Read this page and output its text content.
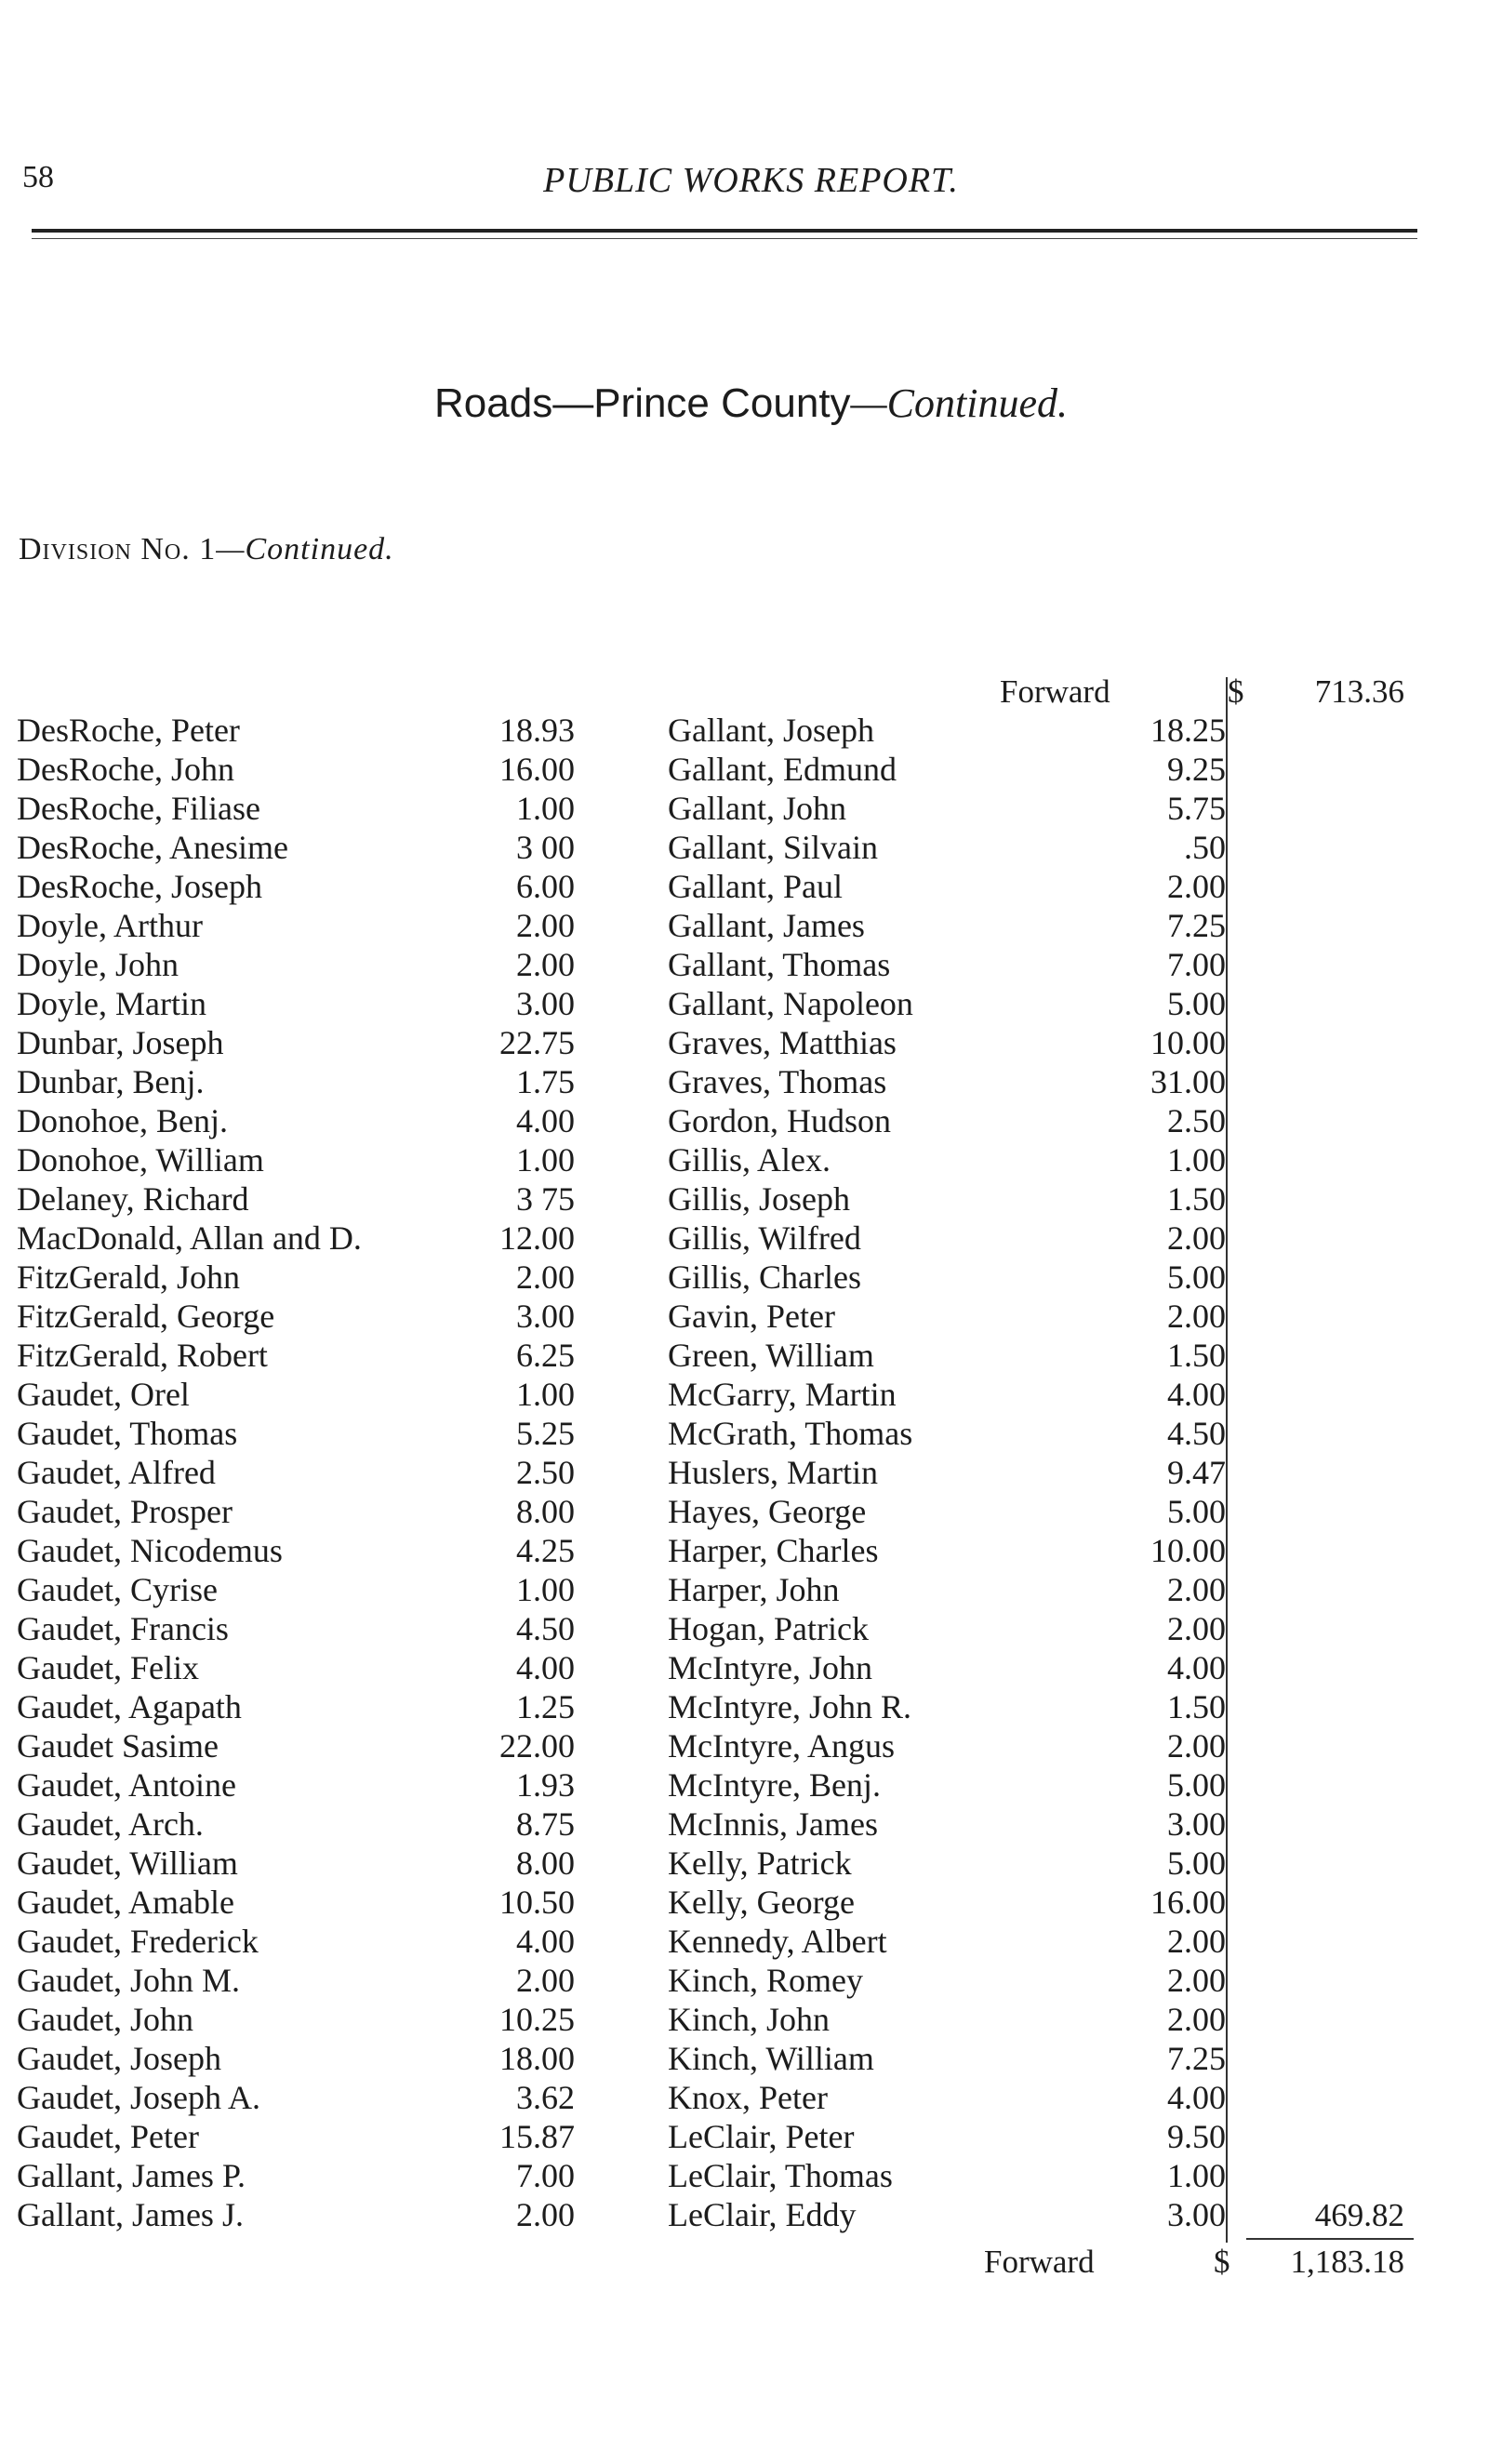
58	PUBLIC WORKS REPORT.
Roads—Prince County—Continued.
Division No. 1—Continued.
Forward	$	713.36
DesRoche, Peter	18.93
DesRoche, John	16.00
DesRoche, Filiase	1.00
DesRoche, Anesime	3 00
DesRoche, Joseph	6.00
Doyle, Arthur	2.00
Doyle, John	2.00
Doyle, Martin	3.00
Dunbar, Joseph	22.75
Dunbar, Benj.	1.75
Donohoe, Benj.	4.00
Donohoe, William	1.00
Delaney, Richard	3 75
MacDonald, Allan and D.	12.00
FitzGerald, John	2.00
FitzGerald, George	3.00
FitzGerald, Robert	6.25
Gaudet, Orel	1.00
Gaudet, Thomas	5.25
Gaudet, Alfred	2.50
Gaudet, Prosper	8.00
Gaudet, Nicodemus	4.25
Gaudet, Cyrise	1.00
Gaudet, Francis	4.50
Gaudet, Felix	4.00
Gaudet, Agapath	1.25
Gaudet Sasime	22.00
Gaudet, Antoine	1.93
Gaudet, Arch.	8.75
Gaudet, William	8.00
Gaudet, Amable	10.50
Gaudet, Frederick	4.00
Gaudet, John M.	2.00
Gaudet, John	10.25
Gaudet, Joseph	18.00
Gaudet, Joseph A.	3.62
Gaudet, Peter	15.87
Gallant, James P.	7.00
Gallant, James J.	2.00
Gallant, Joseph	18.25
Gallant, Edmund	9.25
Gallant, John	5.75
Gallant, Silvain	.50
Gallant, Paul	2.00
Gallant, James	7.25
Gallant, Thomas	7.00
Gallant, Napoleon	5.00
Graves, Matthias	10.00
Graves, Thomas	31.00
Gordon, Hudson	2.50
Gillis, Alex.	1.00
Gillis, Joseph	1.50
Gillis, Wilfred	2.00
Gillis, Charles	5.00
Gavin, Peter	2.00
Green, William	1.50
McGarry, Martin	4.00
McGrath, Thomas	4.50
Huslers, Martin	9.47
Hayes, George	5.00
Harper, Charles	10.00
Harper, John	2.00
Hogan, Patrick	2.00
McIntyre, John	4.00
McIntyre, John R.	1.50
McIntyre, Angus	2.00
McIntyre, Benj.	5.00
McInnis, James	3.00
Kelly, Patrick	5.00
Kelly, George	16.00
Kennedy, Albert	2.00
Kinch, Romey	2.00
Kinch, John	2.00
Kinch, William	7.25
Knox, Peter	4.00
LeClair, Peter	9.50
LeClair, Thomas	1.00
LeClair, Eddy	3.00	469.82
Forward	$	1,183.18
